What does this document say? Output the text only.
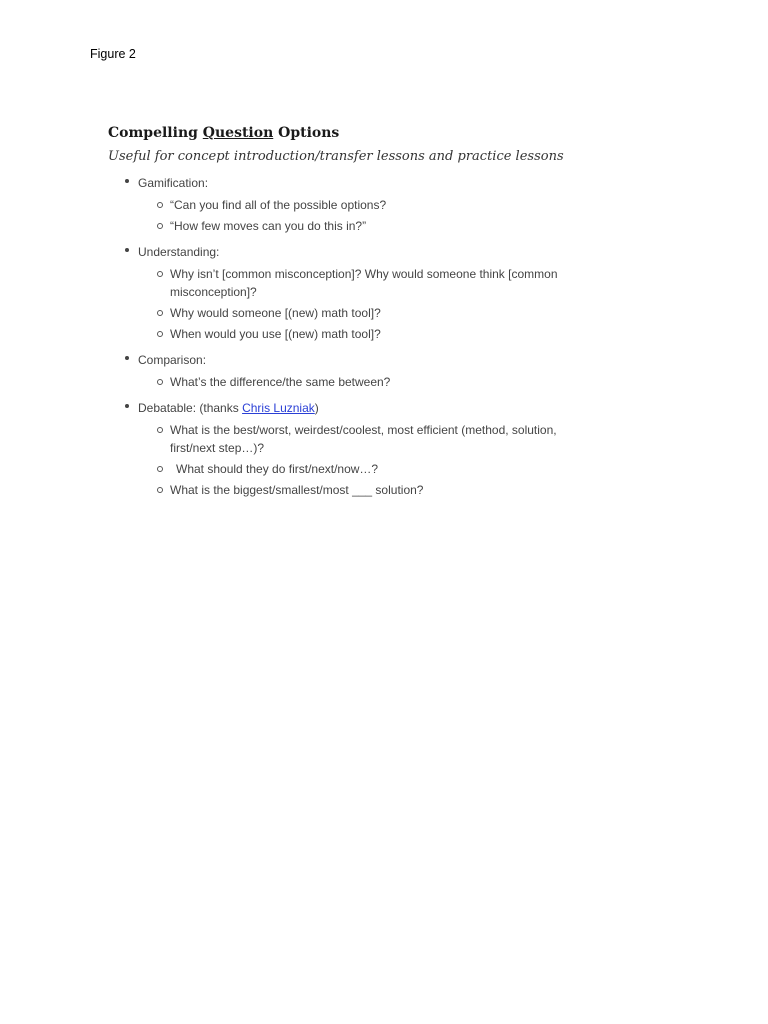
Figure 2
Compelling Question Options

Useful for concept introduction/transfer lessons and practice lessons

Gamification:
“Can you find all of the possible options?
“How few moves can you do this in?”
Understanding:
Why isn’t [common misconception]? Why would someone think [common misconception]?
Why would someone [(new) math tool]?
When would you use [(new) math tool]?
Comparison:
What’s the difference/the same between?
Debatable: (thanks Chris Luzniak)
What is the best/worst, weirdest/coolest, most efficient (method, solution, first/next step…)?
What should they do first/next/now…?
What is the biggest/smallest/most ___ solution?
